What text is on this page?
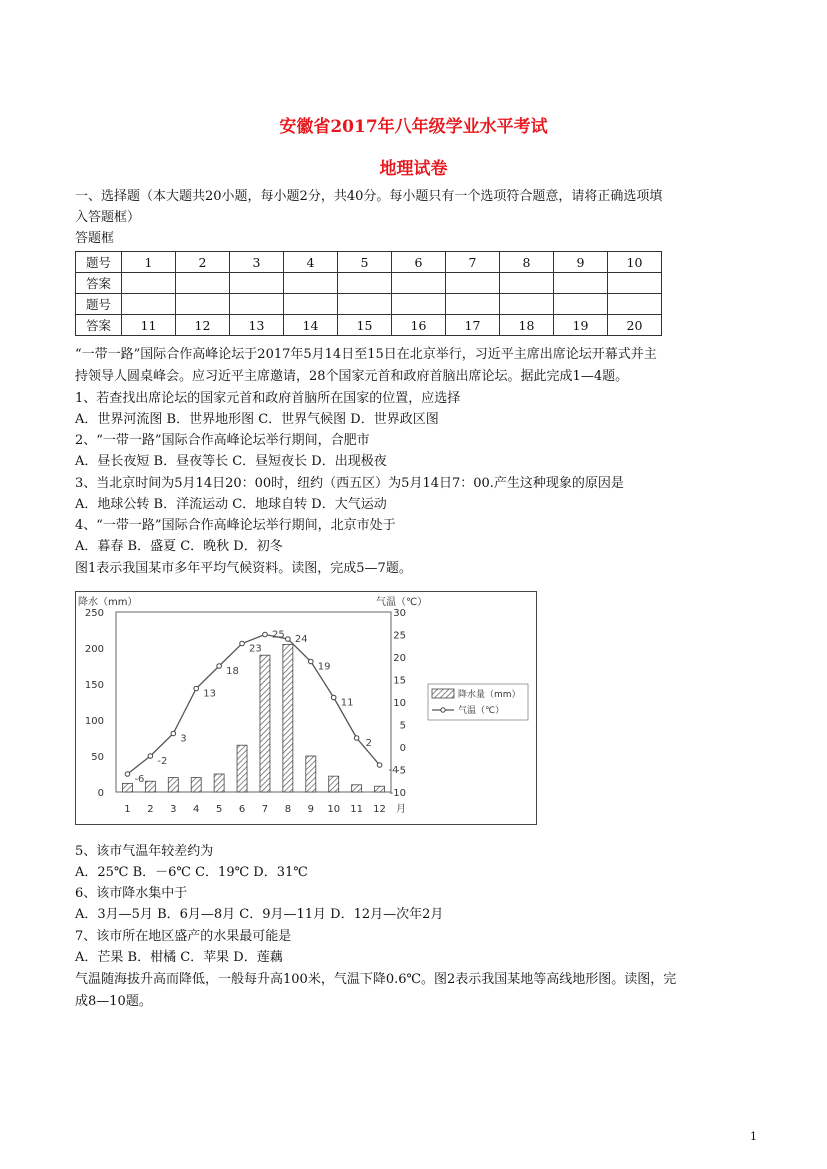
安徽省2017年八年级学业水平考试
地理试卷
一、选择题（本大题共20小题，每小题2分，共40分。每小题只有一个选项符合题意，请将正确选项填
入答题框）
答题框
题号	1	2	3	4	5	6	7	8	9	10
答案										
题号										
答案	11	12	13	14	15	16	17	18	19	20
“一带一路”国际合作高峰论坛于2017年5月14日至15日在北京举行，习近平主席出席论坛开幕式并主
持领导人圆桌峰会。应习近平主席邀请，28个国家元首和政府首脑出席论坛。据此完成1—4题。
1、若查找出席论坛的国家元首和政府首脑所在国家的位置，应选择
A．世界河流图 B．世界地形图 C．世界气候图 D．世界政区图
2、“一带一路”国际合作高峰论坛举行期间，合肥市
A．昼长夜短 B．昼夜等长 C．昼短夜长 D．出现极夜
3、当北京时间为5月14日20：00时，纽约（西五区）为5月14日7：00.产生这种现象的原因是
A．地球公转 B．洋流运动 C．地球自转 D．大气运动
4、“一带一路”国际合作高峰论坛举行期间，北京市处于
A．暮春 B．盛夏 C．晚秋 D．初冬
图1表示我国某市多年平均气候资料。读图，完成5—7题。
降水（mm）	气温（℃）
250
200
150
100
50
0
30
25
20
15
10
5
0
-5
-10
-6
-2
3
13
18
23
25 24
19
11
2
-4
1 2 3 4 5 6 7 8 9 10 11 12 月
降水量（mm）
气温（℃）
5、该市气温年较差约为
A．25℃ B．－6℃ C．19℃ D．31℃
6、该市降水集中于
A．3月—5月 B．6月—8月 C．9月—11月 D．12月—次年2月
7、该市所在地区盛产的水果最可能是
A．芒果 B．柑橘 C．苹果 D．莲藕
气温随海拔升高而降低，一般每升高100米，气温下降0.6℃。图2表示我国某地等高线地形图。读图，完
成8—10题。
1
